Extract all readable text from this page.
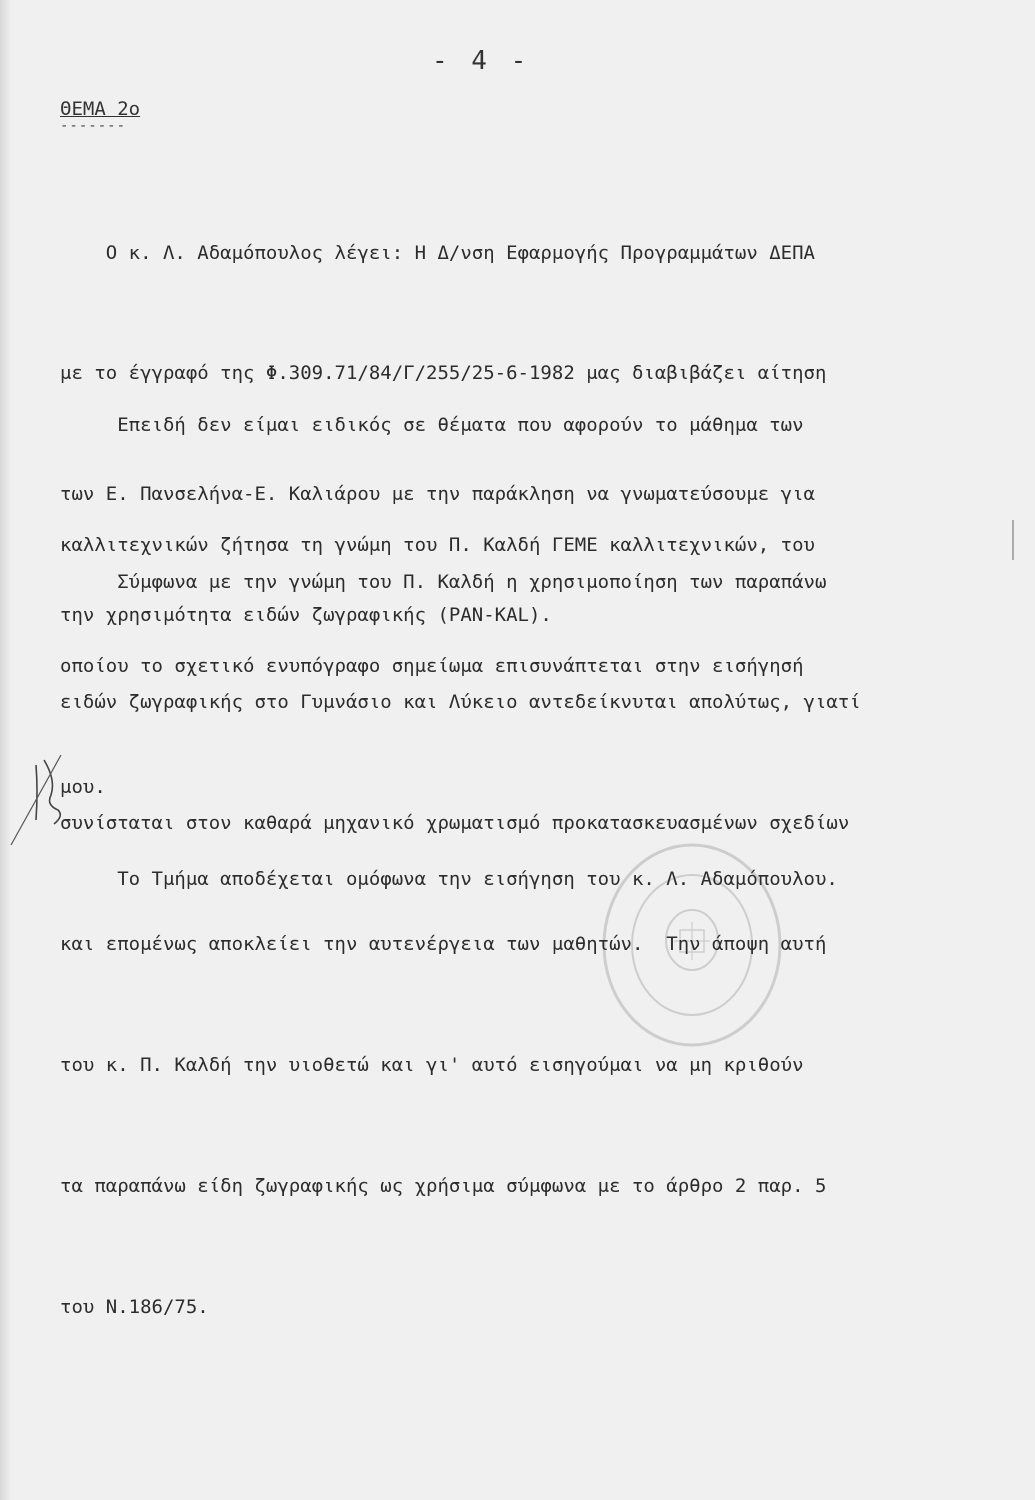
- 4 -
ΘΕΜΑ 2ο
-------

Ο κ. Λ. Αδαμόπουλος λέγει: Η Δ/νση Εφαρμογής Προγραμμάτων ΔΕΠΑ

με το έγγραφό της Φ.309.71/84/Γ/255/25-6-1982 μας διαβιβάζει αίτηση

των Ε. Πανσελήνα-Ε. Καλιάρου με την παράκληση να γνωματεύσουμε για

την χρησιμότητα ειδών ζωγραφικής (PAN-KAL).

Επειδή δεν είμαι ειδικός σε θέματα που αφορούν το μάθημα των

καλλιτεχνικών ζήτησα τη γνώμη του Π. Καλδή ΓΕΜΕ καλλιτεχνικών, του

οποίου το σχετικό ενυπόγραφο σημείωμα επισυνάπτεται στην εισήγησή

μου.

Σύμφωνα με την γνώμη του Π. Καλδή η χρησιμοποίηση των παραπάνω

ειδών ζωγραφικής στο Γυμνάσιο και Λύκειο αντεδείκνυται απολύτως, γιατί

συνίσταται στον καθαρά μηχανικό χρωματισμό προκατασκευασμένων σχεδίων

και επομένως αποκλείει την αυτενέργεια των μαθητών.  Την άποψη αυτή

του κ. Π. Καλδή την υιοθετώ και γι' αυτό εισηγούμαι να μη κριθούν

τα παραπάνω είδη ζωγραφικής ως χρήσιμα σύμφωνα με το άρθρο 2 παρ. 5

του Ν.186/75.

Το Τμήμα αποδέχεται ομόφωνα την εισήγηση του κ. Λ. Αδαμόπουλου.
